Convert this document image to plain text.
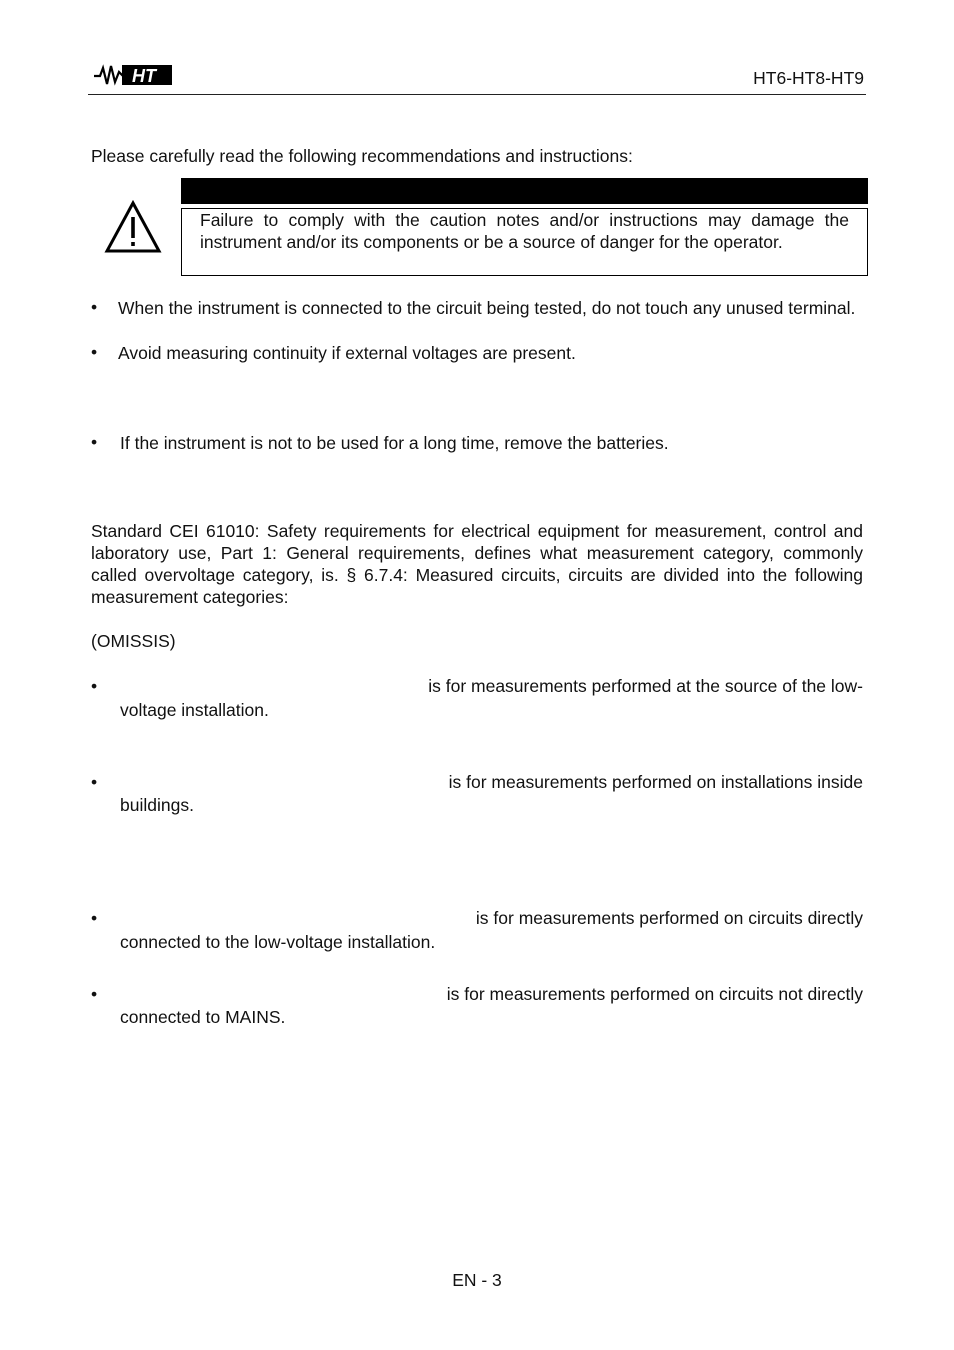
HT	HT6-HT8-HT9
Please carefully read the following recommendations and instructions:
Failure to comply with the caution notes and/or instructions may damage the instrument and/or its components or be a source of danger for the operator.
•	When the instrument is connected to the circuit being tested, do not touch any unused terminal.
•	Avoid measuring continuity if external voltages are present.
•	If the instrument is not to be used for a long time, remove the batteries.
Standard CEI 61010: Safety requirements for electrical equipment for measurement, control and laboratory use, Part 1: General requirements, defines what measurement category, commonly called overvoltage category, is. § 6.7.4: Measured circuits, circuits are divided into the following measurement categories:
(OMISSIS)
•	is for measurements performed at the source of the low-
voltage installation.
•	is for measurements performed on installations inside
buildings.
•	is for measurements performed on circuits directly
connected to the low-voltage installation.
•	is for measurements performed on circuits not directly
connected to MAINS.
EN - 3
